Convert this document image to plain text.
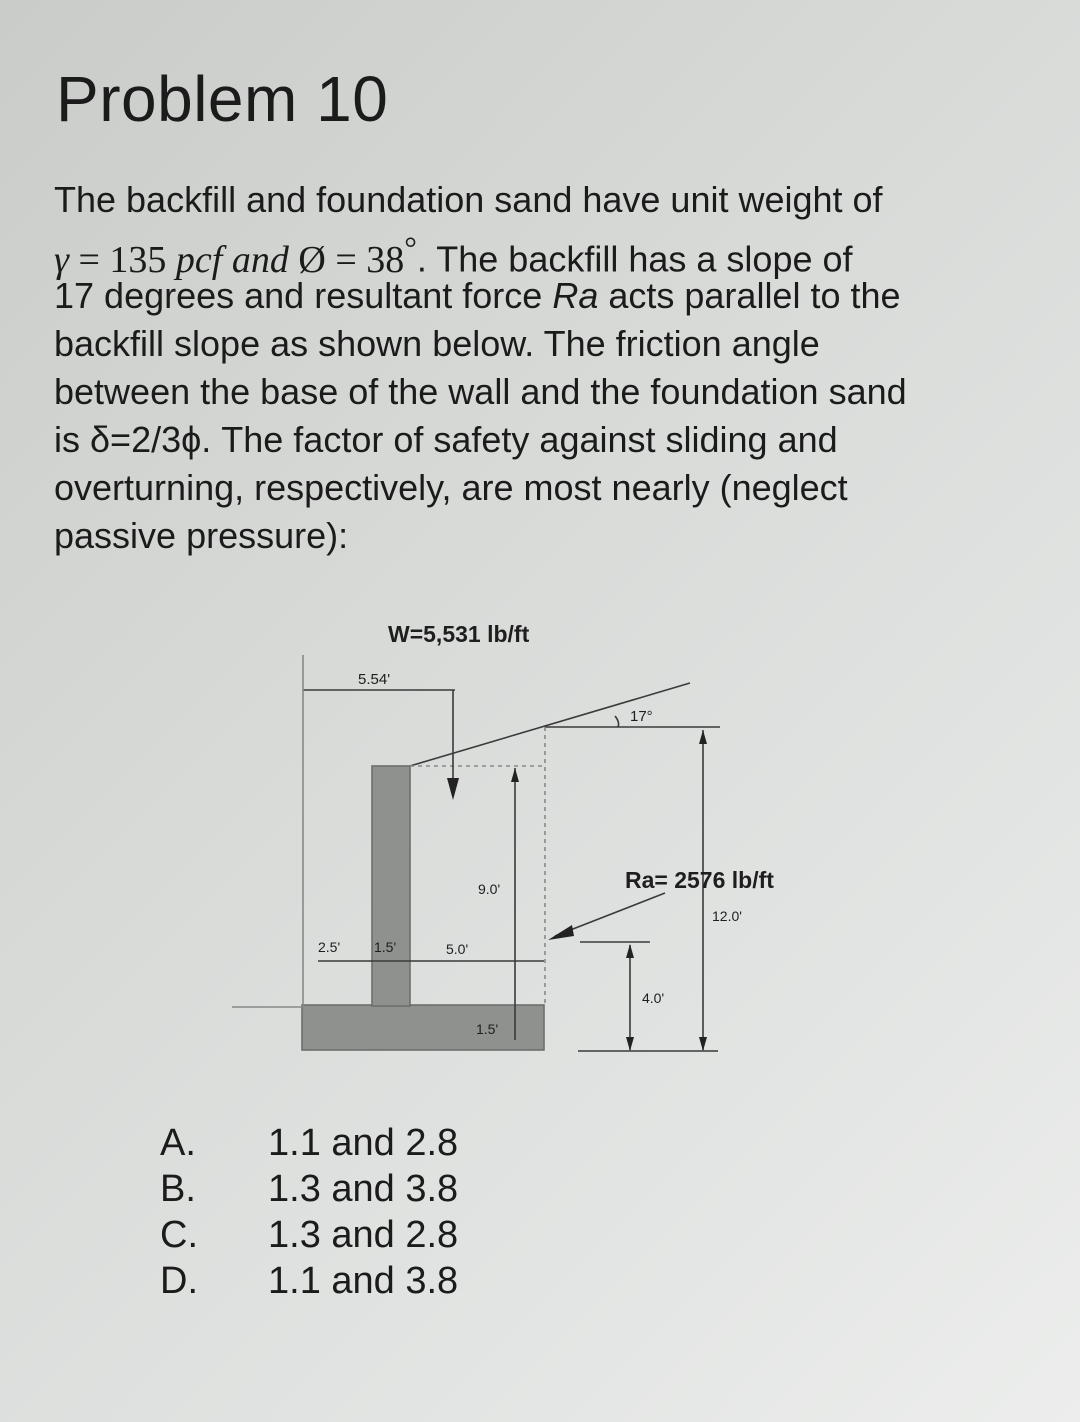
Problem 10
The backfill and foundation sand have unit weight of
γ = 135 pcf and Ø = 38°. The backfill has a slope of
17 degrees and resultant force Ra acts parallel to the
backfill slope as shown below. The friction angle
between the base of the wall and the foundation sand
is δ=2/3ϕ. The factor of safety against sliding and
overturning, respectively, are most nearly (neglect
passive pressure):
W=5,531 lb/ft
5.54'
17°
9.0'	Ra= 2576 lb/ft
12.0'
2.5' 1.5'	5.0'
4.0'
1.5'
A.	1.1 and 2.8
B.	1.3 and 3.8
C.	1.3 and 2.8
D.	1.1 and 3.8
